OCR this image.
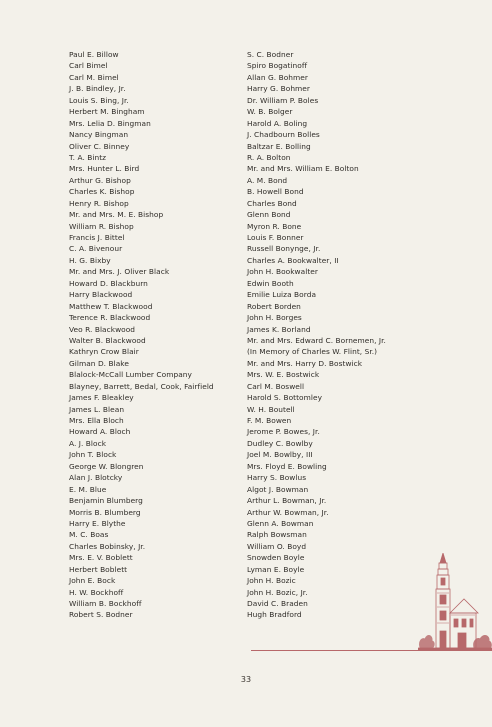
Paul E. Billow
Carl Bimel
Carl M. Bimel
J. B. Bindley, Jr.
Louis S. Bing, Jr.
Herbert M. Bingham
Mrs. Lelia D. Bingman
Nancy Bingman
Oliver C. Binney
T. A. Bintz
Mrs. Hunter L. Bird
Arthur G. Bishop
Charles K. Bishop
Henry R. Bishop
Mr. and Mrs. M. E. Bishop
William R. Bishop
Francis J. Bittel
C. A. Bivenour
H. G. Bixby
Mr. and Mrs. J. Oliver Black
Howard D. Blackburn
Harry Blackwood
Matthew T. Blackwood
Terence R. Blackwood
Veo R. Blackwood
Walter B. Blackwood
Kathryn Crow Blair
Gilman D. Blake
Blalock-McCall Lumber Company
Blayney, Barrett, Bedal, Cook, Fairfield
James F. Bleakley
James L. Blean
Mrs. Ella Bloch
Howard A. Bloch
A. J. Block
John T. Block
George W. Blongren
Alan J. Blotcky
E. M. Blue
Benjamin Blumberg
Morris B. Blumberg
Harry E. Blythe
M. C. Boas
Charles Bobinsky, Jr.
Mrs. E. V. Boblett
Herbert Boblett
John E. Bock
H. W. Bockhoff
William B. Bockhoff
Robert S. Bodner
S. C. Bodner
Spiro Bogatinoff
Allan G. Bohmer
Harry G. Bohmer
Dr. William P. Boles
W. B. Bolger
Harold A. Boling
J. Chadbourn Bolles
Baltzar E. Bolling
R. A. Bolton
Mr. and Mrs. William E. Bolton
A. M. Bond
B. Howell Bond
Charles Bond
Glenn Bond
Myron R. Bone
Louis F. Bonner
Russell Bonynge, Jr.
Charles A. Bookwalter, II
John H. Bookwalter
Edwin Booth
Emilie Luiza Borda
Robert Borden
John H. Borges
James K. Borland
Mr. and Mrs. Edward C. Bornemen, Jr.
(In Memory of Charles W. Flint, Sr.)
Mr. and Mrs. Harry D. Bostwick
Mrs. W. E. Bostwick
Carl M. Boswell
Harold S. Bottomley
W. H. Boutell
F. M. Bowen
Jerome P. Bowes, Jr.
Dudley C. Bowlby
Joel M. Bowlby, III
Mrs. Floyd E. Bowling
Harry S. Bowlus
Algot J. Bowman
Arthur L. Bowman, Jr.
Arthur W. Bowman, Jr.
Glenn A. Bowman
Ralph Bowsman
William O. Boyd
Snowden Boyle
Lyman E. Boyle
John H. Bozic
John H. Bozic, Jr.
David C. Braden
Hugh Bradford
33
